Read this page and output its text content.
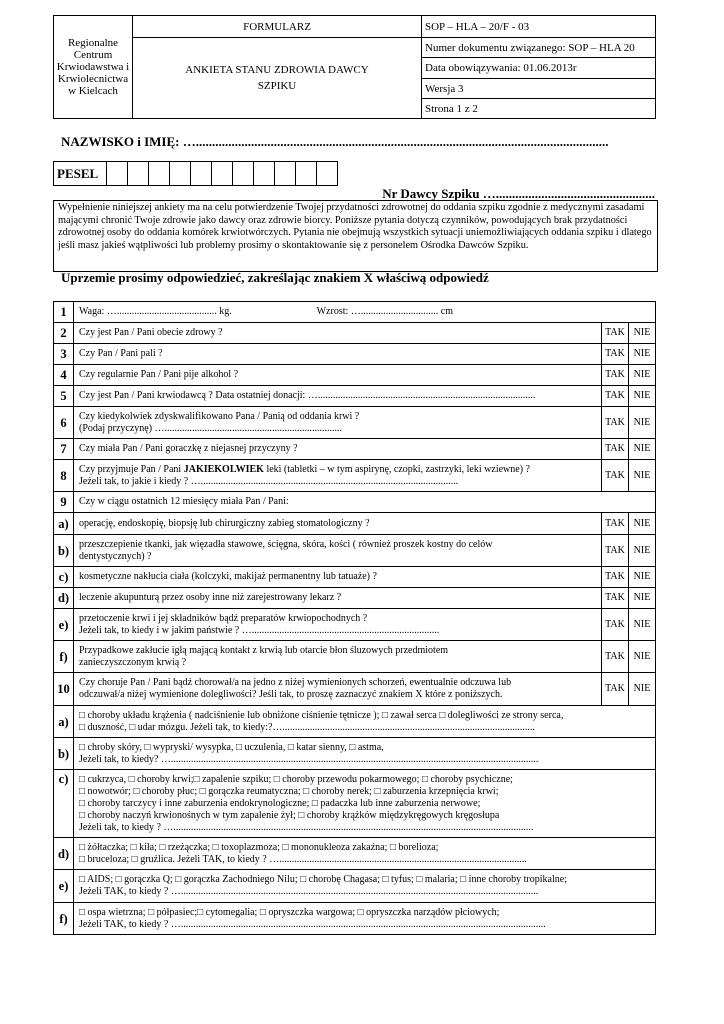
Regionalne
Centrum
Krwiodawstwa i
Krwiolecnictwa
w Kielcach	FORMULARZ	SOP – HLA – 20/F - 03

	ANKIETA STANU ZDROWIA DAWCY
SZPIKU	Numer dokumentu związanego: SOP – HLA 20
		Data obowiązywania: 01.06.2013r
		Wersja 3
		Strona 1 z 2
NAZWISKO i IMIĘ: …...............................................................................................................................
PESEL											
Nr Dawcy Szpiku ….................................................
Wypełnienie niniejszej ankiety ma na celu potwierdzenie Twojej przydatności zdrowotnej do oddania szpiku zgodnie z medycznymi zasadami mającymi chronić Twoje zdrowie jako dawcy oraz zdrowie biorcy. Poniższe pytania dotyczą czynników, powodujących brak przydatności zdrowotnej osoby do oddania komórek krwiotwórczych. Pytania nie obejmują wszystkich sytuacji uniemożliwiających oddania szpiku i dlatego jeśli masz jakieś wątpliwości lub problemy prosimy o skontaktowanie się z personelem Ośrodka Dawców Szpiku.
Uprzemie prosimy odpowiedzieć, zakreślając znakiem X właściwą odpowiedź
1	Waga: …........................................ kg.                                  Wzrost: …............................... cm		
2	Czy jest Pan / Pani obecie zdrowy ?	TAK	NIE
3	Czy Pan / Pani pali ?	TAK	NIE
4	Czy regularnie Pan / Pani pije alkohol ?	TAK	NIE
5	Czy jest Pan / Pani krwiodawcą ? Data ostatniej donacji: ….......................................................................................	TAK	NIE
6	Czy kiedykolwiek zdyskwalifikowano Pana / Panią od oddania krwi ?
(Podaj przyczynę) ….......................................................................	TAK	NIE
7	Czy miała Pan / Pani goraczkę z niejasnej przyczyny ?	TAK	NIE
8	Czy przyjmuje Pan / Pani JAKIEKOLWIEK leki (tabletki – w tym aspirynę, czopki, zastrzyki, leki wziewne) ?
Jeżeli tak, to jakie i kiedy ? ….......................................................................................................	TAK	NIE
9	Czy w ciągu ostatnich 12 miesięcy miała Pan / Pani:		
a)	operację, endoskopię, biopsję lub chirurgiczny zabieg stomatologiczny ?	TAK	NIE
b)	przeszczepienie tkanki, jak więzadła stawowe, ścięgna, skóra, kości ( również proszek kostny do celów
dentystycznych) ?	TAK	NIE
c)	kosmetyczne nakłucia ciała (kolczyki, makijaż permanentny lub tatuaże) ?	TAK	NIE
d)	leczenie akupunturą przez osoby inne niż zarejestrowany lekarz ?	TAK	NIE
e)	przetoczenie krwi i jej składników bądź preparatów krwiopochodnych ?
Jeżeli tak, to kiedy i w jakim państwie ? …...........................................................................	TAK	NIE
f)	Przypadkowe zakłucie igłą mającą kontakt z krwią lub otarcie błon śluzowych przedmiotem
zanieczyszczonym krwią ?	TAK	NIE
10	Czy choruje Pan / Pani bądź chorował/a na jedno z niżej wymienionych schorzeń, ewentualnie odczuwa lub
odczuwał/a niżej wymienione dolegliwości? Jeśli tak, to proszę zaznaczyć znakiem X które z poniższych.	TAK	NIE
a)	□ choroby układu krążenia ( nadciśnienie lub obniżone ciśnienie tętnicze ); □ zawał serca □ dolegliwości ze strony serca,
□ duszność, □ udar mózgu. Jeżeli tak, to kiedy:?….....................................................................................................		

b)	□ chroby skóry, □ wypryski/ wysypka, □ uczulenia, □ katar sienny, □ astma,
Jeżeli tak, to kiedy? …...................................................................................................................................................		

c)	□ cukrzyca, □ choroby krwi;□ zapalenie szpiku; □ choroby przewodu pokarmowego; □ choroby psychiczne;
□ nowotwór; □ choroby płuc; □ gorączka reumatyczna; □ choroby nerek; □ zaburzenia krzepnięcia krwi;
□ choroby tarczycy i inne zaburzenia endokrynologiczne; □ padaczka lub inne zaburzenia nerwowe;
□ choroby naczyń krwionośnych w tym zapalenie żył; □ choroby krążków międzykręgowych kręgosłupa
Jeżeli tak, to kiedy ? …................................................................................................................................................		

d)	□ żółtaczka; □ kiła; □ rzeżączka; □ toxoplazmoza; □ mononukleoza zakaźna; □ borelioza;
□ bruceloza; □ gruźlica. Jeżeli TAK, to kiedy ? …...................................................................................................		

e)	□ AIDS; □ gorączka Q; □ gorączka Zachodniego Nilu; □ chorobę Chagasa; □ tyfus; □ malaria; □ inne choroby tropikalne;
Jeżeli TAK, to kiedy ? …...............................................................................................................................................		

f)	□ ospa wietrzna; □ półpasiec;□ cytomegalia; □ opryszczka wargowa; □ opryszczka narządów płciowych;
Jeżeli TAK, to kiedy ? …..................................................................................................................................................		
